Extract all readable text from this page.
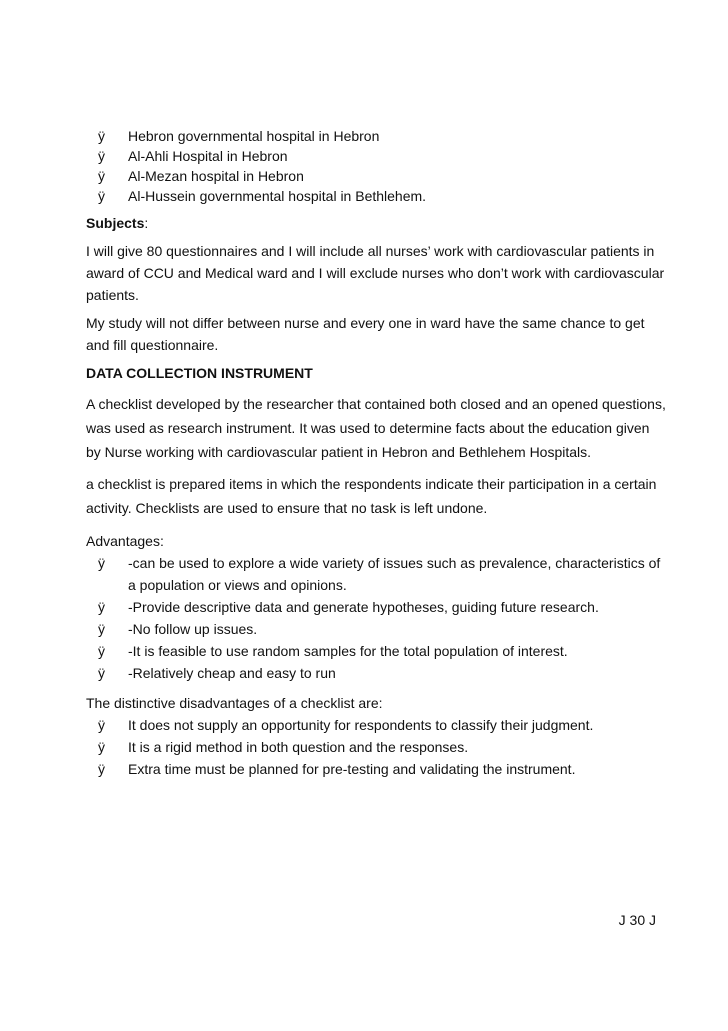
ÿ	Hebron governmental hospital in Hebron
ÿ	Al-Ahli Hospital in Hebron
ÿ	Al-Mezan hospital in Hebron
ÿ	Al-Hussein governmental hospital in Bethlehem.

Subjects:

I will give 80 questionnaires and I will include all nurses’ work with cardiovascular patients in award of CCU and Medical ward and I will exclude nurses who don’t work with cardiovascular patients.

My study will not differ between nurse and every one in ward have the same chance to get and fill questionnaire.

DATA COLLECTION INSTRUMENT

A checklist developed by the researcher that contained both closed and an opened questions, was used as research instrument. It was used to determine facts about the education given by Nurse working with cardiovascular patient in Hebron and Bethlehem Hospitals.

a checklist is prepared items in which the respondents indicate their participation in a certain activity. Checklists are used to ensure that no task is left undone.

Advantages:

ÿ	-can be used to explore a wide variety of issues such as prevalence, characteristics of a population or views and opinions.
ÿ	-Provide descriptive data and generate hypotheses, guiding future research.
ÿ	-No follow up issues.
ÿ	-It is feasible to use random samples for the total population of interest.
ÿ	-Relatively cheap and easy to run

The distinctive disadvantages of a checklist are:

ÿ	It does not supply an opportunity for respondents to classify their judgment.
ÿ	It is a rigid method in both question and the responses.
ÿ	Extra time must be planned for pre-testing and validating the instrument.
J 30 J
